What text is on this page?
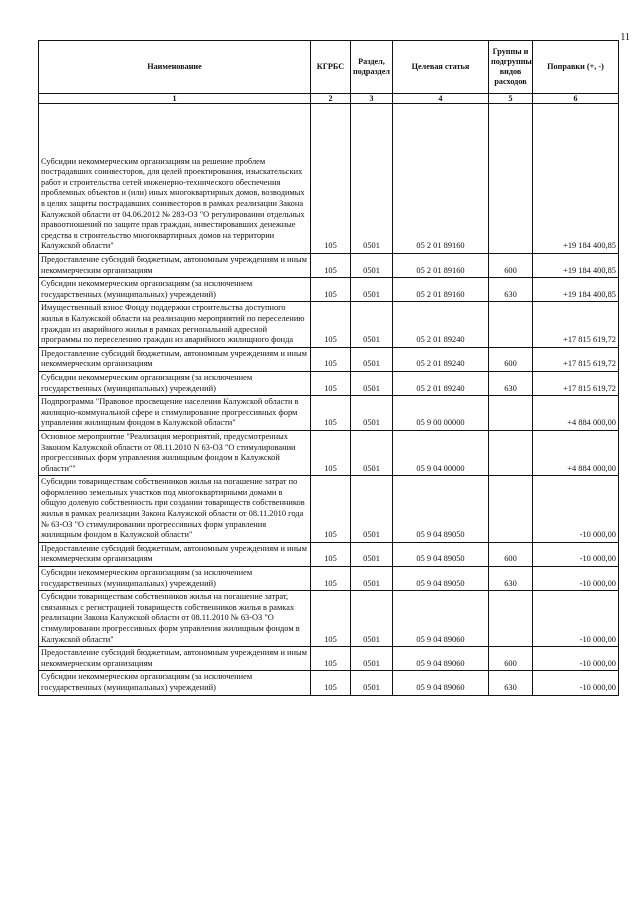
11
Наименование	КГРБС	Раздел, подраздел	Целевая статья	Группы и подгруппы видов расходов	Поправки (+, -)
1	2	3	4	5	6
Субсидии некоммерческим организациям на решение проблем пострадавших соинвесторов, для целей проектирования, изыскательских работ и строительства сетей инженерно-технического обеспечения проблемных объектов и (или) иных многоквартирных домов, возводимых в целях защиты пострадавших соинвесторов в рамках реализации Закона Калужской области от 04.06.2012 № 283-ОЗ "О регулировании отдельных правоотношений по защите прав граждан, инвестировавших денежные средства в строительство многоквартирных домов на территории Калужской области"	105	0501	05 2 01 89160		+19 184 400,85
Предоставление субсидий бюджетным, автономным учреждениям и иным некоммерческим организациям	105	0501	05 2 01 89160	600	+19 184 400,85
Субсидии некоммерческим организациям (за исключением государственных (муниципальных) учреждений)	105	0501	05 2 01 89160	630	+19 184 400,85
Имущественный взнос Фонду поддержки строительства доступного жилья в Калужской области на реализацию мероприятий по переселению граждан из аварийного жилья в рамках региональной адресной программы по переселению граждан из аварийного жилищного фонда	105	0501	05 2 01 89240		+17 815 619,72
Предоставление субсидий бюджетным, автономным учреждениям и иным некоммерческим организациям	105	0501	05 2 01 89240	600	+17 815 619,72
Субсидии некоммерческим организациям (за исключением государственных (муниципальных) учреждений)	105	0501	05 2 01 89240	630	+17 815 619,72
Подпрограмма "Правовое просвещение населения Калужской области в жилищно-коммунальной сфере и стимулирование прогрессивных форм управления жилищным фондом в Калужской области"	105	0501	05 9 00 00000		+4 884 000,00
Основное мероприятие "Реализация мероприятий, предусмотренных Законом Калужской области от 08.11.2010 N 63-ОЗ "О стимулировании прогрессивных форм управления жилищным фондом в Калужской области""	105	0501	05 9 04 00000		+4 884 000,00
Субсидии товариществам собственников жилья на погашение затрат по оформлению земельных участков под многоквартирными домами в общую долевую собственность при создании товариществ собственников жилья в рамках реализации Закона Калужской области от 08.11.2010 года № 63-ОЗ "О стимулировании прогрессивных форм управления жилищным фондом в Калужской области"	105	0501	05 9 04 89050		-10 000,00
Предоставление субсидий бюджетным, автономным учреждениям и иным некоммерческим организациям	105	0501	05 9 04 89050	600	-10 000,00
Субсидии некоммерческим организациям (за исключением государственных (муниципальных) учреждений)	105	0501	05 9 04 89050	630	-10 000,00
Субсидии товариществам собственников жилья на погашение затрат, связанных с регистрацией товариществ собственников жилья в рамках реализации Закона Калужской области от 08.11.2010 № 63-ОЗ "О стимулировании прогрессивных форм управления жилищным фондом в Калужской области"	105	0501	05 9 04 89060		-10 000,00
Предоставление субсидий бюджетным, автономным учреждениям и иным некоммерческим организациям	105	0501	05 9 04 89060	600	-10 000,00
Субсидии некоммерческим организациям (за исключением государственных (муниципальных) учреждений)	105	0501	05 9 04 89060	630	-10 000,00
